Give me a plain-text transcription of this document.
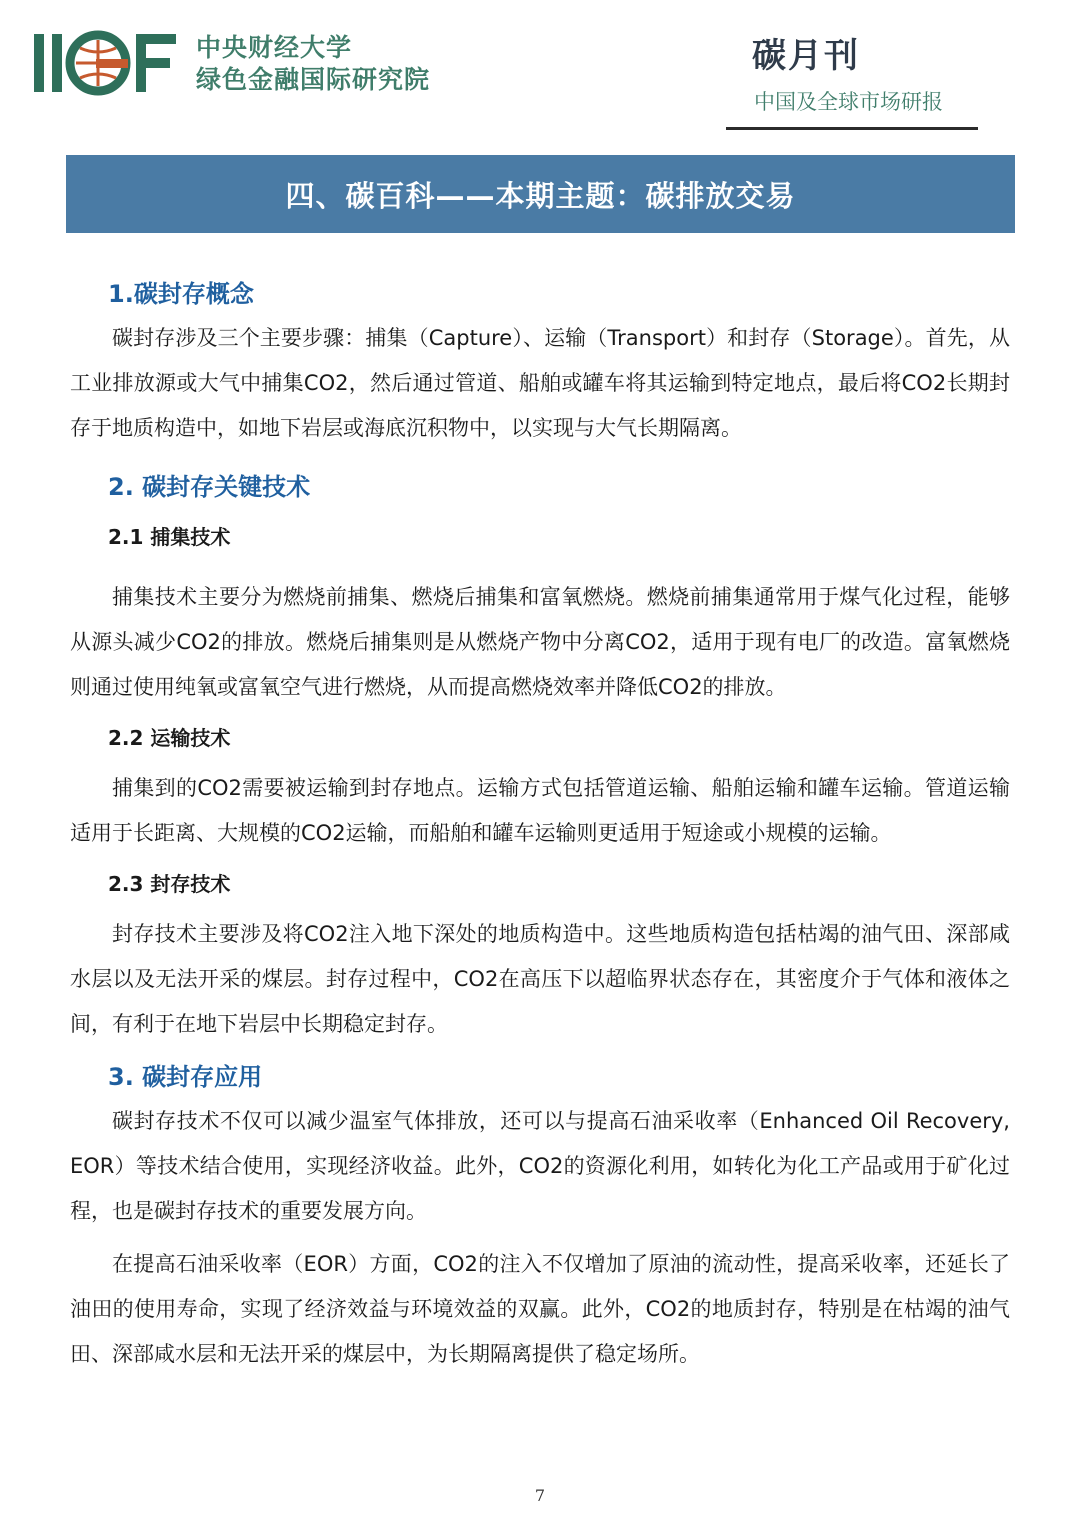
中央财经大学
绿色金融国际研究院
碳月刊
中国及全球市场研报
四、碳百科——本期主题：碳排放交易
1.碳封存概念

碳封存涉及三个主要步骤：捕集（Capture）、运输（Transport）和封存（Storage）。首先，从工业排放源或大气中捕集CO2，然后通过管道、船舶或罐车将其运输到特定地点，最后将CO2长期封存于地质构造中，如地下岩层或海底沉积物中，以实现与大气长期隔离。

2. 碳封存关键技术
2.1 捕集技术

捕集技术主要分为燃烧前捕集、燃烧后捕集和富氧燃烧。燃烧前捕集通常用于煤气化过程，能够从源头减少CO2的排放。燃烧后捕集则是从燃烧产物中分离CO2，适用于现有电厂的改造。富氧燃烧则通过使用纯氧或富氧空气进行燃烧，从而提高燃烧效率并降低CO2的排放。

2.2 运输技术

捕集到的CO2需要被运输到封存地点。运输方式包括管道运输、船舶运输和罐车运输。管道运输适用于长距离、大规模的CO2运输，而船舶和罐车运输则更适用于短途或小规模的运输。

2.3 封存技术

封存技术主要涉及将CO2注入地下深处的地质构造中。这些地质构造包括枯竭的油气田、深部咸水层以及无法开采的煤层。封存过程中，CO2在高压下以超临界状态存在，其密度介于气体和液体之间，有利于在地下岩层中长期稳定封存。

3. 碳封存应用

碳封存技术不仅可以减少温室气体排放，还可以与提高石油采收率（Enhanced Oil Recovery, EOR）等技术结合使用，实现经济收益。此外，CO2的资源化利用，如转化为化工产品或用于矿化过程，也是碳封存技术的重要发展方向。

在提高石油采收率（EOR）方面，CO2的注入不仅增加了原油的流动性，提高采收率，还延长了油田的使用寿命，实现了经济效益与环境效益的双赢。此外，CO2的地质封存，特别是在枯竭的油气田、深部咸水层和无法开采的煤层中，为长期隔离提供了稳定场所。

7
